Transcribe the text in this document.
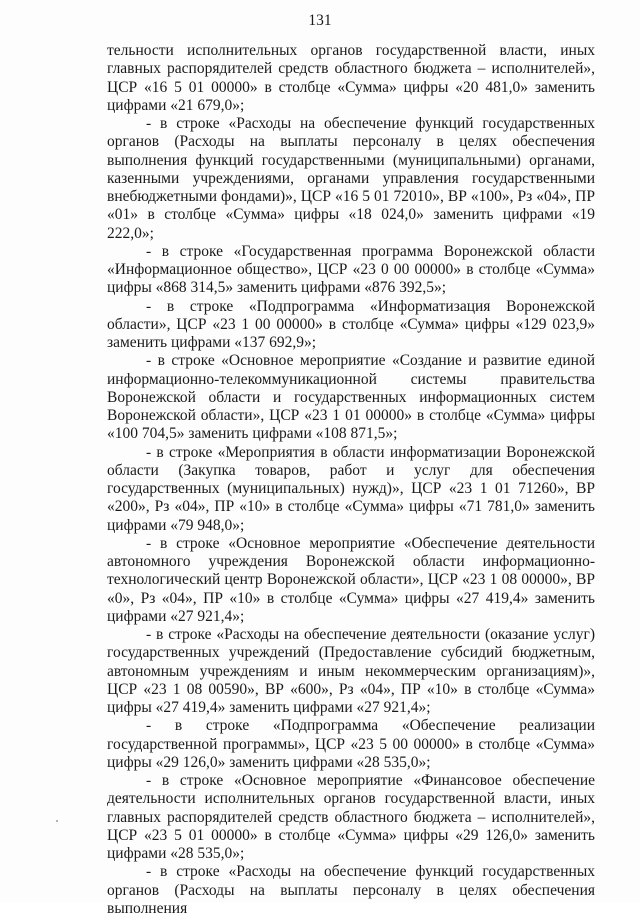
131

тельности исполнительных органов государственной власти, иных главных распорядителей средств областного бюджета – исполнителей», ЦСР «16 5 01 00000» в столбце «Сумма» цифры «20 481,0» заменить цифрами «21 679,0»;

- в строке «Расходы на обеспечение функций государственных органов (Расходы на выплаты персоналу в целях обеспечения выполнения функций государственными (муниципальными) органами, казенными учреждениями, органами управления государственными внебюджетными фондами)», ЦСР «16 5 01 72010», ВР «100», Рз «04», ПР «01» в столбце «Сумма» цифры «18 024,0» заменить цифрами «19 222,0»;

- в строке «Государственная программа Воронежской области «Информационное общество», ЦСР «23 0 00 00000» в столбце «Сумма» цифры «868 314,5» заменить цифрами «876 392,5»;

- в строке «Подпрограмма «Информатизация Воронежской области», ЦСР «23 1 00 00000» в столбце «Сумма» цифры «129 023,9» заменить цифрами «137 692,9»;

- в строке «Основное мероприятие «Создание и развитие единой информационно-телекоммуникационной системы правительства Воронежской области и государственных информационных систем Воронежской области», ЦСР «23 1 01 00000» в столбце «Сумма» цифры «100 704,5» заменить цифрами «108 871,5»;

- в строке «Мероприятия в области информатизации Воронежской области (Закупка товаров, работ и услуг для обеспечения государственных (муниципальных) нужд)», ЦСР «23 1 01 71260», ВР «200», Рз «04», ПР «10» в столбце «Сумма» цифры «71 781,0» заменить цифрами «79 948,0»;

- в строке «Основное мероприятие «Обеспечение деятельности автономного учреждения Воронежской области информационно-технологический центр Воронежской области», ЦСР «23 1 08 00000», ВР «0», Рз «04», ПР «10» в столбце «Сумма» цифры «27 419,4» заменить цифрами «27 921,4»;

- в строке «Расходы на обеспечение деятельности (оказание услуг) государственных учреждений (Предоставление субсидий бюджетным, автономным учреждениям и иным некоммерческим организациям)», ЦСР «23 1 08 00590», ВР «600», Рз «04», ПР «10» в столбце «Сумма» цифры «27 419,4» заменить цифрами «27 921,4»;

- в строке «Подпрограмма «Обеспечение реализации государственной программы», ЦСР «23 5 00 00000» в столбце «Сумма» цифры «29 126,0» заменить цифрами «28 535,0»;

- в строке «Основное мероприятие «Финансовое обеспечение деятельности исполнительных органов государственной власти, иных главных распорядителей средств областного бюджета – исполнителей», ЦСР «23 5 01 00000» в столбце «Сумма» цифры «29 126,0» заменить цифрами «28 535,0»;

- в строке «Расходы на обеспечение функций государственных органов (Расходы на выплаты персоналу в целях обеспечения выполнения
